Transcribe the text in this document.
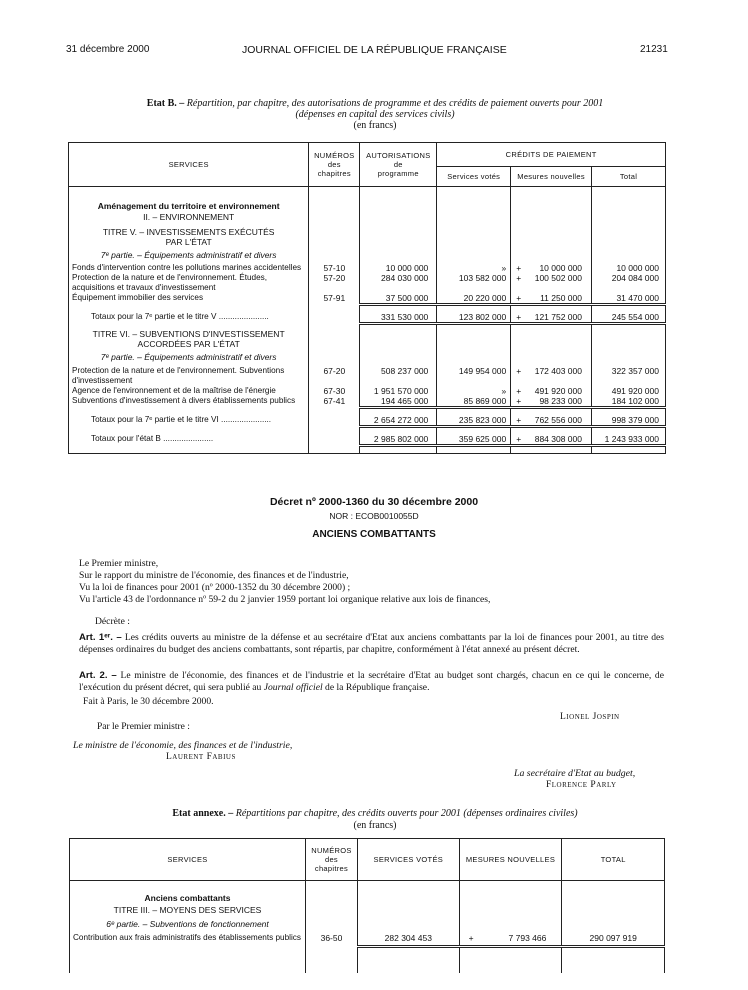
31 décembre 2000	JOURNAL OFFICIEL DE LA RÉPUBLIQUE FRANÇAISE	21231
Etat B. – Répartition, par chapitre, des autorisations de programme et des crédits de paiement ouverts pour 2001
(dépenses en capital des services civils)
(en francs)
SERVICES	NUMÉROS
des
chapitres	AUTORISATIONS
de
programme	CRÉDITS DE PAIEMENT		
			Services votés	Mesures nouvelles	Total

Aménagement du territoire et environnement					
II. – ENVIRONNEMENT					

TITRE V. – INVESTISSEMENTS EXÉCUTÉS					
PAR L'ÉTAT					

7ᵉ partie. – Équipements administratif et divers					

Fonds d'intervention contre les pollutions marines accidentelles	57-10	10 000 000	»	+ 10 000 000	10 000 000
Protection de la nature et de l'environnement. Études, acquisitions et travaux d'investissement	57-20	284 030 000	103 582 000	+ 100 502 000	204 084 000
Équipement immobilier des services	57-91	37 500 000	20 220 000	+ 11 250 000	31 470 000

Totaux pour la 7ᵉ partie et le titre V ......................		331 530 000	123 802 000	+ 121 752 000	245 554 000

TITRE VI. – SUBVENTIONS D'INVESTISSEMENT					
ACCORDÉES PAR L'ÉTAT					

7ᵉ partie. – Équipements administratif et divers					

Protection de la nature et de l'environnement. Subventions d'investissement	67-20	508 237 000	149 954 000	+ 172 403 000	322 357 000
Agence de l'environnement et de la maîtrise de l'énergie	67-30	1 951 570 000	»	+ 491 920 000	491 920 000
Subventions d'investissement à divers établissements publics	67-41	194 465 000	85 869 000	+ 98 233 000	184 102 000

Totaux pour la 7ᵉ partie et le titre VI ......................		2 654 272 000	235 823 000	+ 762 556 000	998 379 000

Totaux pour l'état B ......................		2 985 802 000	359 625 000	+ 884 308 000	1 243 933 000

Décret nº 2000-1360 du 30 décembre 2000
NOR : ECOB0010055D
ANCIENS COMBATTANTS
Le Premier ministre,
Sur le rapport du ministre de l'économie, des finances et de l'industrie,
Vu la loi de finances pour 2001 (nº 2000-1352 du 30 décembre 2000) ;
Vu l'article 43 de l'ordonnance nº 59-2 du 2 janvier 1959 portant loi organique relative aux lois de finances,
Décrète :
Art. 1ᵉʳ. – Les crédits ouverts au ministre de la défense et au secrétaire d'Etat aux anciens combattants par la loi de finances pour 2001, au titre des dépenses ordinaires du budget des anciens combattants, sont répartis, par chapitre, conformément à l'état annexé au présent décret.
Art. 2. – Le ministre de l'économie, des finances et de l'industrie et la secrétaire d'Etat au budget sont chargés, chacun en ce qui le concerne, de l'exécution du présent décret, qui sera publié au Journal officiel de la République française.
Fait à Paris, le 30 décembre 2000.
Lionel Jospin
Par le Premier ministre :
Le ministre de l'économie, des finances et de l'industrie,
Laurent Fabius
La secrétaire d'Etat au budget,
Florence Parly
Etat annexe. – Répartitions par chapitre, des crédits ouverts pour 2001 (dépenses ordinaires civiles)
(en francs)
SERVICES	NUMÉROS
des
chapitres	SERVICES VOTÉS	MESURES NOUVELLES	TOTAL

Anciens combattants				
TITRE III. – MOYENS DES SERVICES				
6ᵉ partie. – Subventions de fonctionnement				
Contribution aux frais administratifs des établissements publics	36-50	282 304 453	+ 7 793 466	290 097 919
